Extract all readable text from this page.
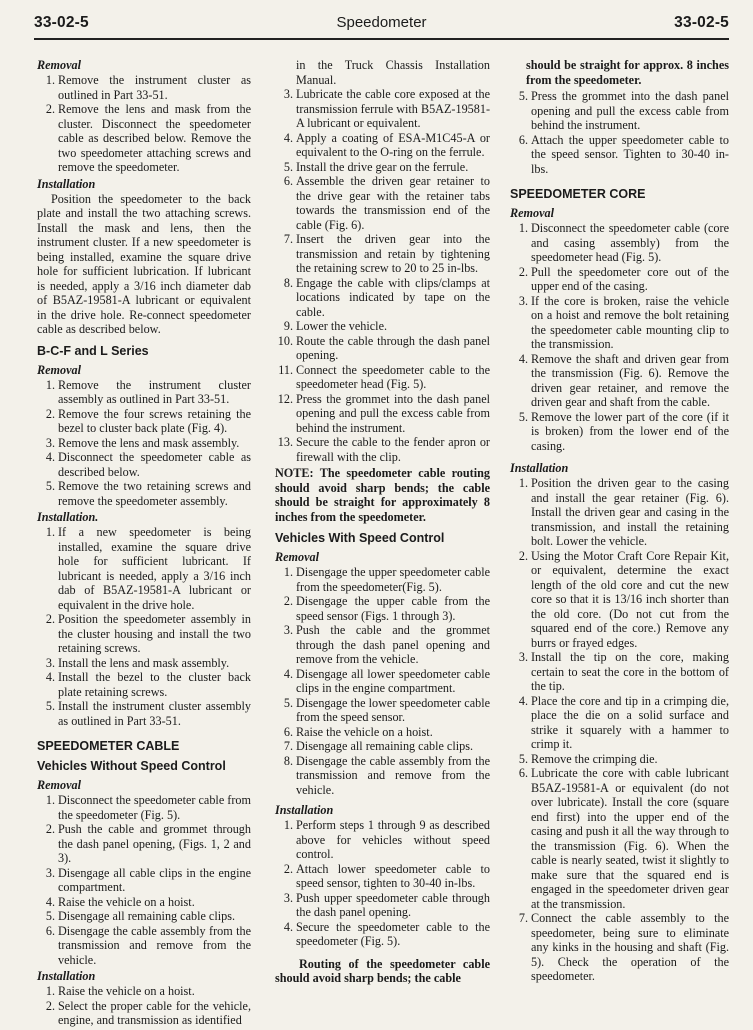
33-02-5	Speedometer	33-02-5
Removal
1. Remove the instrument cluster as outlined in Part 33-51.
2. Remove the lens and mask from the cluster. Disconnect the speedometer cable as described below. Remove the two speedometer attaching screws and remove the speedometer.
Installation

Position the speedometer to the back plate and install the two attaching screws. Install the mask and lens, then the instrument cluster. If a new speedometer is being installed, examine the square drive hole for sufficient lubrication. If lubricant is needed, apply a 3/16 inch diameter dab of B5AZ-19581-A lubricant or equivalent in the drive hole. Re-connect speedometer cable as described below.

B-C-F and L Series
Removal
1. Remove the instrument cluster assembly as outlined in Part 33-51.
2. Remove the four screws retaining the bezel to cluster back plate (Fig. 4).
3. Remove the lens and mask assembly.
4. Disconnect the speedometer cable as described below.
5. Remove the two retaining screws and remove the speedometer assembly.
Installation.
1. If a new speedometer is being installed, examine the square drive hole for sufficient lubricant. If lubricant is needed, apply a 3/16 inch dab of B5AZ-19581-A lubricant or equivalent in the drive hole.
2. Position the speedometer assembly in the cluster housing and install the two retaining screws.
3. Install the lens and mask assembly.
4. Install the bezel to the cluster back plate retaining screws.
5. Install the instrument cluster assembly as outlined in Part 33-51.
SPEEDOMETER CABLE
Vehicles Without Speed Control
Removal
1. Disconnect the speedometer cable from the speedometer (Fig. 5).
2. Push the cable and grommet through the dash panel opening, (Figs. 1, 2 and 3).
3. Disengage all cable clips in the engine compartment.
4. Raise the vehicle on a hoist.
5. Disengage all remaining cable clips.
6. Disengage the cable assembly from the transmission and remove from the vehicle.
Installation
1. Raise the vehicle on a hoist.
2. Select the proper cable for the vehicle, engine, and transmission as identified

in the Truck Chassis Installation Manual.

3. Lubricate the cable core exposed at the transmission ferrule with B5AZ-19581-A lubricant or equivalent.
4. Apply a coating of ESA-M1C45-A or equivalent to the O-ring on the ferrule.
5. Install the drive gear on the ferrule.
6. Assemble the driven gear retainer to the drive gear with the retainer tabs towards the transmission end of the cable (Fig. 6).
7. Insert the driven gear into the transmission and retain by tightening the retaining screw to 20 to 25 in-lbs.
8. Engage the cable with clips/clamps at locations indicated by tape on the cable.
9. Lower the vehicle.
10. Route the cable through the dash panel opening.
11. Connect the speedometer cable to the speedometer head (Fig. 5).
12. Press the grommet into the dash panel opening and pull the excess cable from behind the instrument.
13. Secure the cable to the fender apron or firewall with the clip.

NOTE: The speedometer cable routing should avoid sharp bends; the cable should be straight for approximately 8 inches from the speedometer.

Vehicles With Speed Control
Removal
1. Disengage the upper speedometer cable from the speedometer(Fig. 5).
2. Disengage the upper cable from the speed sensor (Figs. 1 through 3).
3. Push the cable and the grommet through the dash panel opening and remove from the vehicle.
4. Disengage all lower speedometer cable clips in the engine compartment.
5. Disengage the lower speedometer cable from the speed sensor.
6. Raise the vehicle on a hoist.
7. Disengage all remaining cable clips.
8. Disengage the cable assembly from the transmission and remove from the vehicle.
Installation
1. Perform steps 1 through 9 as described above for vehicles without speed control.
2. Attach lower speedometer cable to speed sensor, tighten to 30-40 in-lbs.
3. Push upper speedometer cable through the dash panel opening.
4. Secure the speedometer cable to the speedometer (Fig. 5).

Routing of the speedometer cable should avoid sharp bends; the cable

should be straight for approx. 8 inches from the speedometer.

5. Press the grommet into the dash panel opening and pull the excess cable from behind the instrument.
6. Attach the upper speedometer cable to the speed sensor. Tighten to 30-40 in-lbs.
SPEEDOMETER CORE
Removal
1. Disconnect the speedometer cable (core and casing assembly) from the speedometer head (Fig. 5).
2. Pull the speedometer core out of the upper end of the casing.
3. If the core is broken, raise the vehicle on a hoist and remove the bolt retaining the speedometer cable mounting clip to the transmission.
4. Remove the shaft and driven gear from the transmission (Fig. 6). Remove the driven gear retainer, and remove the driven gear and shaft from the cable.
5. Remove the lower part of the core (if it is broken) from the lower end of the casing.
Installation
1. Position the driven gear to the casing and install the gear retainer (Fig. 6). Install the driven gear and casing in the transmission, and install the retaining bolt. Lower the vehicle.
2. Using the Motor Craft Core Repair Kit, or equivalent, determine the exact length of the old core and cut the new core so that it is 13/16 inch shorter than the old core. (Do not cut from the squared end of the core.) Remove any burrs or frayed edges.
3. Install the tip on the core, making certain to seat the core in the bottom of the tip.
4. Place the core and tip in a crimping die, place the die on a solid surface and strike it squarely with a hammer to crimp it.
5. Remove the crimping die.
6. Lubricate the core with cable lubricant B5AZ-19581-A or equivalent (do not over lubricate). Install the core (square end first) into the upper end of the casing and push it all the way through to the transmission (Fig. 6). When the cable is nearly seated, twist it slightly to make sure that the squared end is engaged in the speedometer driven gear at the transmission.
7. Connect the cable assembly to the speedometer, being sure to eliminate any kinks in the housing and shaft (Fig. 5). Check the operation of the speedometer.
